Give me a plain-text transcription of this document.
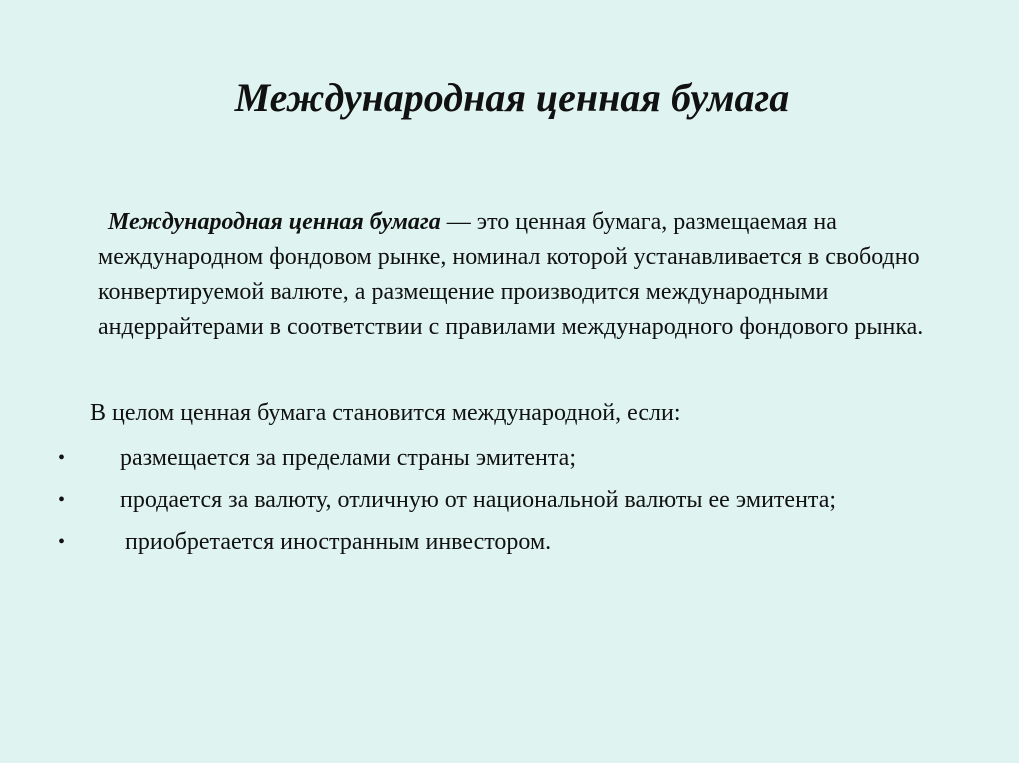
Международная ценная бумага

Международная ценная бумага — это ценная бумага, размещаемая на международном фондовом рынке, номинал которой устанавливается в свободно конвертируемой валюте, а размещение производится международными андеррайтерами в соответствии с правилами международного фондового рынка.

В целом ценная бумага становится международной, если:

• размещается за пределами страны эмитента;
• продается за валюту, отличную от национальной валюты ее эмитента;
• приобретается иностранным инвестором.
